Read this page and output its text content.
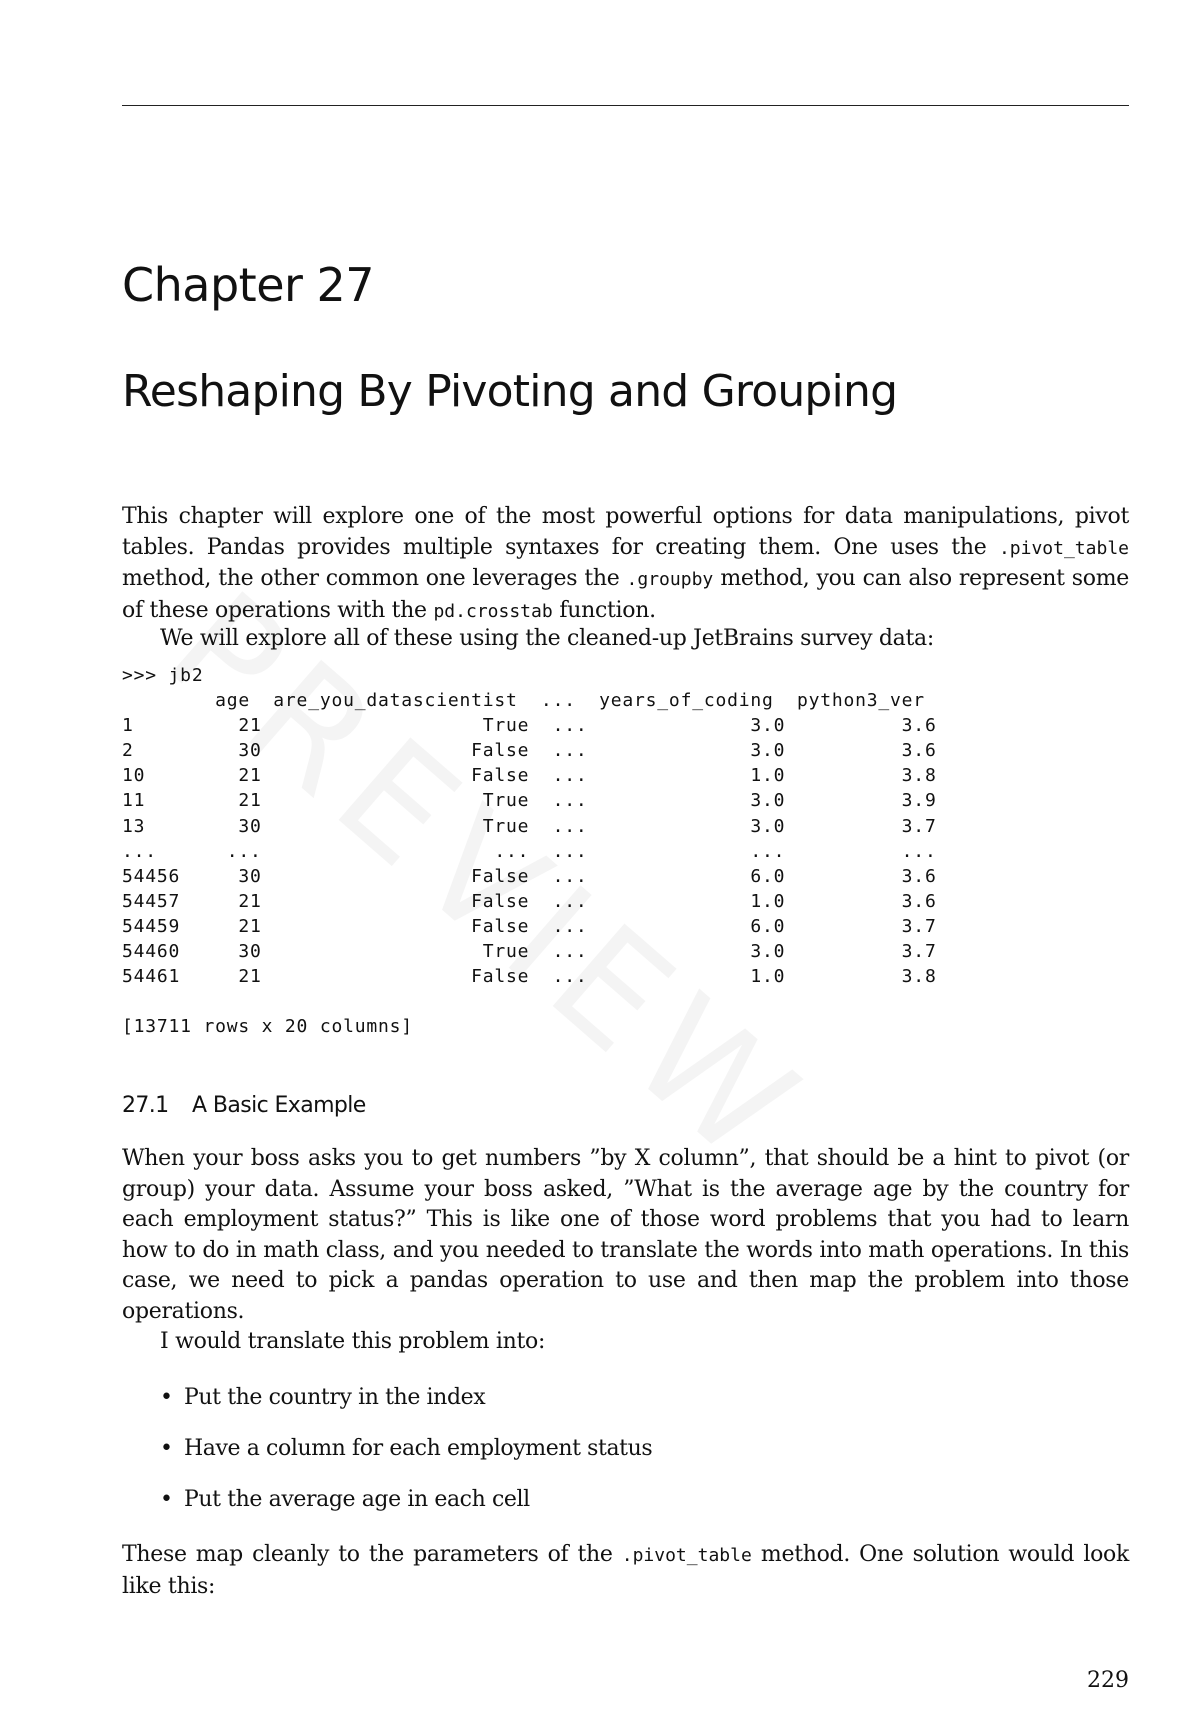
Chapter 27
Reshaping By Pivoting and Grouping

This chapter will explore one of the most powerful options for data manipulations, pivot tables. Pandas provides multiple syntaxes for creating them. One uses the .pivot_table method, the other common one leverages the .groupby method, you can also represent some of these operations with the pd.crosstab function.

We will explore all of these using the cleaned-up JetBrains survey data:

>>> jb2
age  are_you_datascientist  ...  years_of_coding  python3_ver
1         21                   True  ...              3.0          3.6
2         30                  False  ...              3.0          3.6
10        21                  False  ...              1.0          3.8
11        21                   True  ...              3.0          3.9
13        30                   True  ...              3.0          3.7
...      ...                    ...  ...              ...          ...
54456     30                  False  ...              6.0          3.6
54457     21                  False  ...              1.0          3.6
54459     21                  False  ...              6.0          3.7
54460     30                   True  ...              3.0          3.7
54461     21                  False  ...              1.0          3.8

[13711 rows x 20 columns]
27.1 A Basic Example

When your boss asks you to get numbers ”by X column”, that should be a hint to pivot (or group) your data. Assume your boss asked, ”What is the average age by the country for each employment status?” This is like one of those word problems that you had to learn how to do in math class, and you needed to translate the words into math operations. In this case, we need to pick a pandas operation to use and then map the problem into those operations.

I would translate this problem into:

• Put the country in the index
• Have a column for each employment status
• Put the average age in each cell

These map cleanly to the parameters of the .pivot_table method. One solution would look like this:

229
